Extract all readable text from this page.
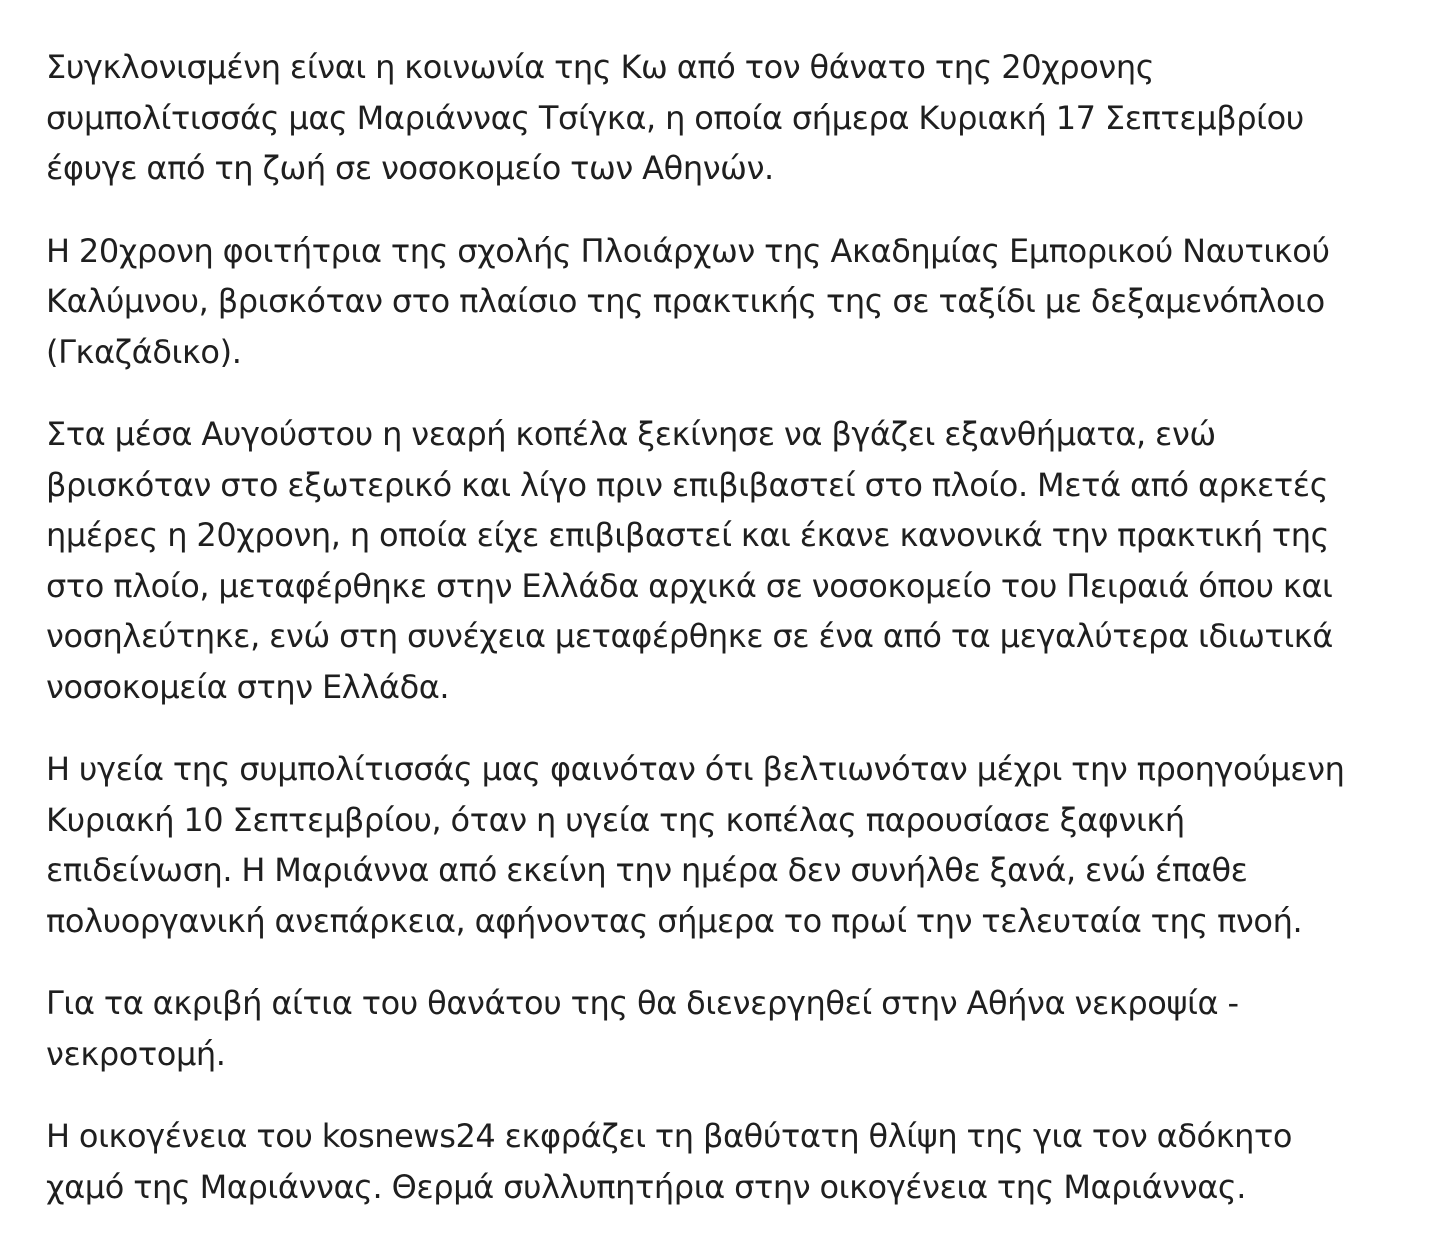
Συγκλονισμένη είναι η κοινωνία της Κω από τον θάνατο της 20χρονης
συμπολίτισσάς μας Μαριάννας Τσίγκα, η οποία σήμερα Κυριακή 17 Σεπτεμβρίου
έφυγε από τη ζωή σε νοσοκομείο των Αθηνών.

Η 20χρονη φοιτήτρια της σχολής Πλοιάρχων της Ακαδημίας Εμπορικού Ναυτικού
Καλύμνου, βρισκόταν στο πλαίσιο της πρακτικής της σε ταξίδι με δεξαμενόπλοιο
(Γκαζάδικο).

Στα μέσα Αυγούστου η νεαρή κοπέλα ξεκίνησε να βγάζει εξανθήματα, ενώ
βρισκόταν στο εξωτερικό και λίγο πριν επιβιβαστεί στο πλοίο. Μετά από αρκετές
ημέρες η 20χρονη, η οποία είχε επιβιβαστεί και έκανε κανονικά την πρακτική της
στο πλοίο, μεταφέρθηκε στην Ελλάδα αρχικά σε νοσοκομείο του Πειραιά όπου και
νοσηλεύτηκε, ενώ στη συνέχεια μεταφέρθηκε σε ένα από τα μεγαλύτερα ιδιωτικά
νοσοκομεία στην Ελλάδα.

Η υγεία της συμπολίτισσάς μας φαινόταν ότι βελτιωνόταν μέχρι την προηγούμενη
Κυριακή 10 Σεπτεμβρίου, όταν η υγεία της κοπέλας παρουσίασε ξαφνική
επιδείνωση. Η Μαριάννα από εκείνη την ημέρα δεν συνήλθε ξανά, ενώ έπαθε
πολυοργανική ανεπάρκεια, αφήνοντας σήμερα το πρωί την τελευταία της πνοή.

Για τα ακριβή αίτια του θανάτου της θα διενεργηθεί στην Αθήνα νεκροψία -
νεκροτομή.

Η οικογένεια του kosnews24 εκφράζει τη βαθύτατη θλίψη της για τον αδόκητο
χαμό της Μαριάννας. Θερμά συλλυπητήρια στην οικογένεια της Μαριάννας.
